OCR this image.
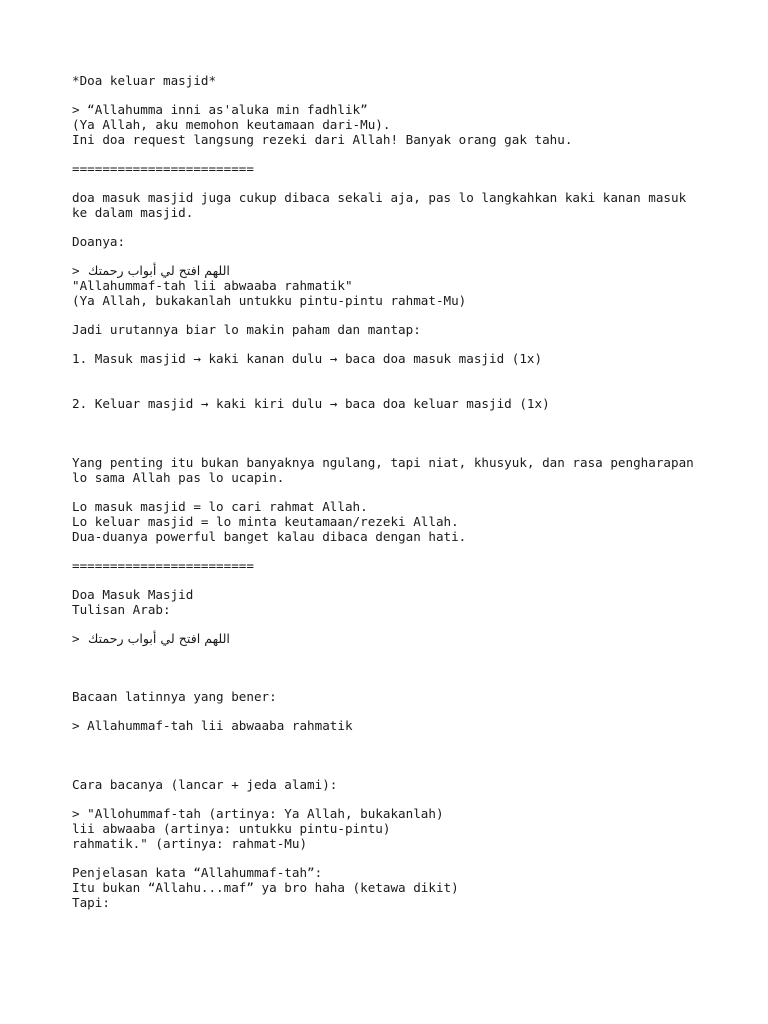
*Doa keluar masjid*
> “Allahumma inni as'aluka min fadhlik”
(Ya Allah, aku memohon keutamaan dari-Mu).
Ini doa request langsung rezeki dari Allah! Banyak orang gak tahu.
========================
doa masuk masjid juga cukup dibaca sekali aja, pas lo langkahkan kaki kanan masuk
ke dalam masjid.
Doanya:
> اللهم افتح لي أبواب رحمتك
"Allahummaf-tah lii abwaaba rahmatik"
(Ya Allah, bukakanlah untukku pintu-pintu rahmat-Mu)
Jadi urutannya biar lo makin paham dan mantap:
1. Masuk masjid → kaki kanan dulu → baca doa masuk masjid (1x)
2. Keluar masjid → kaki kiri dulu → baca doa keluar masjid (1x)
Yang penting itu bukan banyaknya ngulang, tapi niat, khusyuk, dan rasa pengharapan
lo sama Allah pas lo ucapin.
Lo masuk masjid = lo cari rahmat Allah.
Lo keluar masjid = lo minta keutamaan/rezeki Allah.
Dua-duanya powerful banget kalau dibaca dengan hati.
========================
Doa Masuk Masjid
Tulisan Arab:
> اللهم افتح لي أبواب رحمتك
Bacaan latinnya yang bener:
> Allahummaf-tah lii abwaaba rahmatik
Cara bacanya (lancar + jeda alami):
> "Allohummaf-tah (artinya: Ya Allah, bukakanlah)
lii abwaaba (artinya: untukku pintu-pintu)
rahmatik." (artinya: rahmat-Mu)
Penjelasan kata “Allahummaf-tah”:
Itu bukan “Allahu...maf” ya bro haha (ketawa dikit)
Tapi:
